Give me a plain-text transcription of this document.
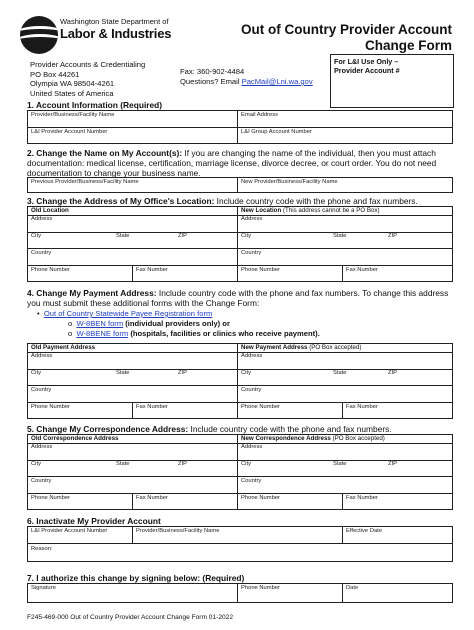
Washington State Department of
Labor & Industries
Provider Accounts & Credentialing
PO Box 44261
Olympia WA 98504-4261
United States of America
Out of Country Provider Account
Change Form
Fax: 360-902-4484
Questions? Email PacMail@Lni.wa.gov
For L&I Use Only –
Provider Account #
1. Account Information (Required)
Provider/Business/Facility Name	Email Address
L&I Provider Account Number	L&I Group Account Number
2. Change the Name on My Account(s): If you are changing the name of the individual, then you must attach documentation: medical license, certification, marriage license, divorce decree, or court order. You do not need documentation to change your business name.
Previous Provider/Business/Facility Name	New Provider/Business/Facility Name
3. Change the Address of My Office's Location: Include country code with the phone and fax numbers.
Old Location	New Location (This address cannot be a PO Box)
Address	Address
City	State	ZIP	City	State	ZIP
Country	Country
Phone Number	Fax Number	Phone Number	Fax Number
4. Change My Payment Address: Include country code with the phone and fax numbers. To change this address you must submit these additional forms with the Change Form:
•  Out of Country Statewide Payee Registration form
o  W-8BEN form (individual providers only) or
o  W-8BENE form (hospitals, facilities or clinics who receive payment).
Old Payment Address	New Payment Address (PO Box accepted)
Address	Address
City	State	ZIP	City	State	ZIP
Country	Country
Phone Number	Fax Number	Phone Number	Fax Number
5. Change My Correspondence Address: Include country code with the phone and fax numbers.
Old Correspondence Address	New Correspondence Address (PO Box accepted)
Address	Address
City	State	ZIP	City	State	ZIP
Country	Country
Phone Number	Fax Number	Phone Number	Fax Number
6. Inactivate My Provider Account
L&I Provider Account Number	Provider/Business/Facility Name	Effective Date
Reason:
7. I authorize this change by signing below: (Required)
Signature	Phone Number	Date
F245-469-000 Out of Country Provider Account Change Form 01-2022
